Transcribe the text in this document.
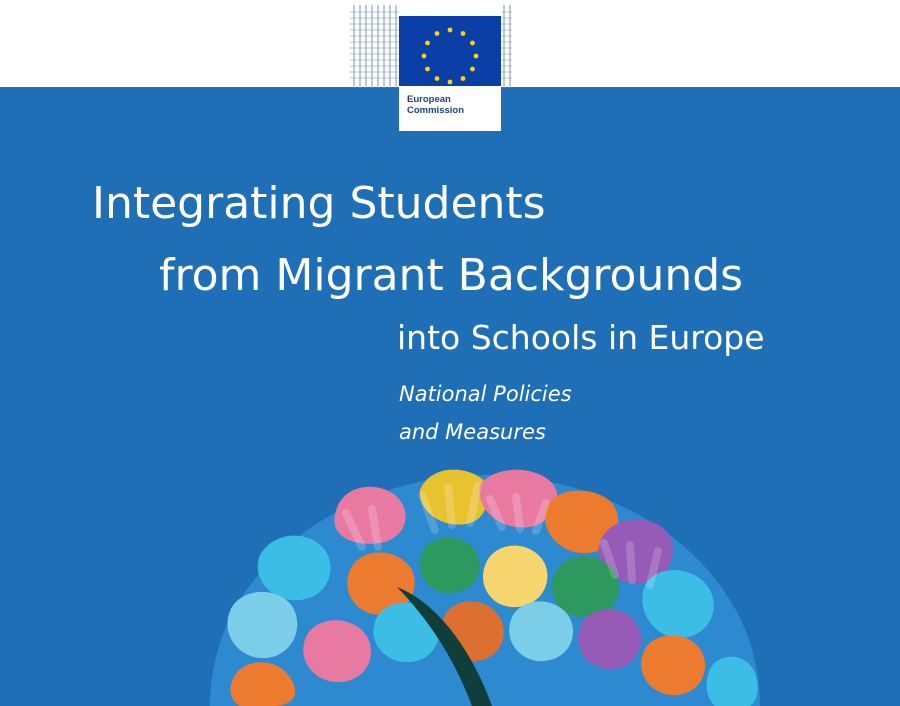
European
Commission
Integrating Students
from Migrant Backgrounds
into Schools in Europe
National Policies
and Measures
